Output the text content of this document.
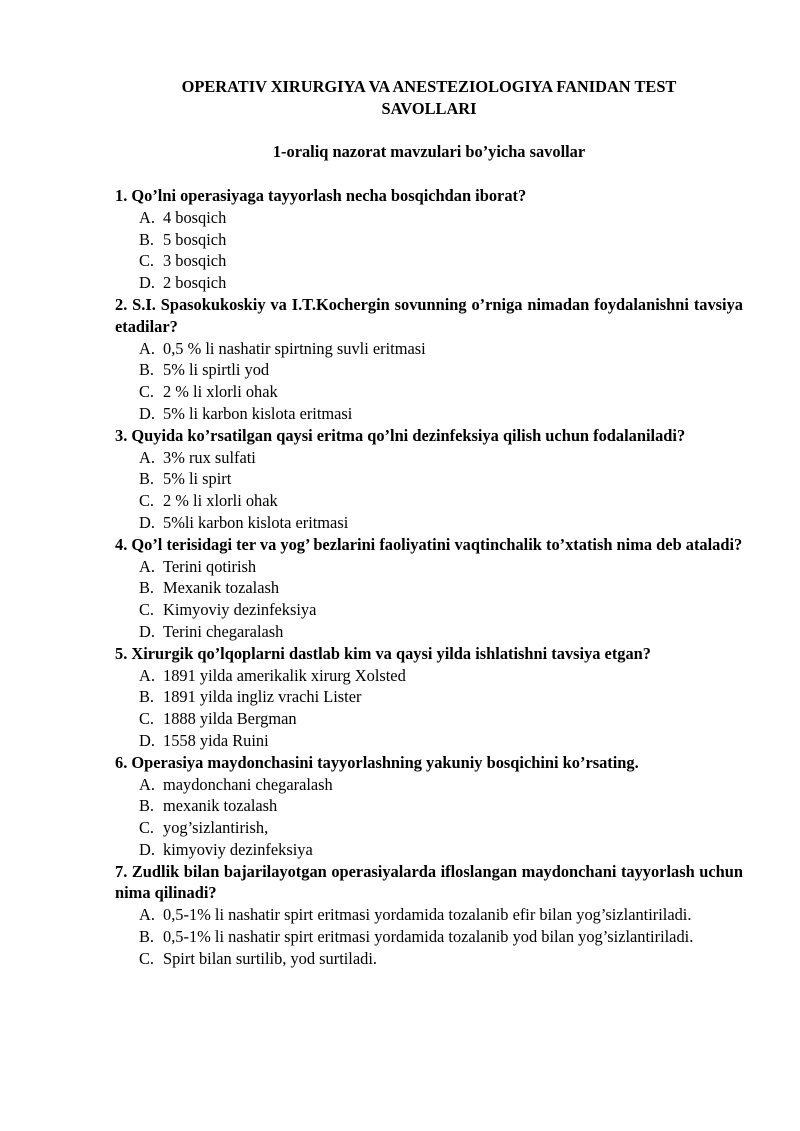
OPERATIV XIRURGIYA VA ANESTEZIOLOGIYA FANIDAN TEST SAVOLLARI

1-oraliq nazorat mavzulari bo’yicha savollar

1. Qo’lni operasiyaga tayyorlash necha bosqichdan iborat?

A. 4 bosqich
B. 5 bosqich
C. 3 bosqich
D. 2 bosqich

2. S.I. Spasokukoskiy va I.T.Kochergin sovunning o’rniga nimadan foydalanishni tavsiya etadilar?

A. 0,5 % li nashatir spirtning suvli eritmasi
B. 5% li spirtli yod
C. 2 % li xlorli ohak
D. 5% li karbon kislota eritmasi

3. Quyida ko’rsatilgan qaysi eritma qo’lni dezinfeksiya qilish uchun fodalaniladi?

A. 3% rux sulfati
B. 5% li spirt
C. 2 % li xlorli ohak
D. 5%li karbon kislota eritmasi

4. Qo’l terisidagi ter va yog’ bezlarini faoliyatini vaqtinchalik to’xtatish nima deb ataladi?

A. Terini qotirish
B. Mexanik tozalash
C. Kimyoviy dezinfeksiya
D. Terini chegaralash

5. Xirurgik qo’lqoplarni dastlab kim va qaysi yilda ishlatishni tavsiya etgan?

A. 1891 yilda amerikalik xirurg Xolsted
B. 1891 yilda ingliz vrachi Lister
C. 1888 yilda Bergman
D. 1558 yida Ruini

6. Operasiya maydonchasini tayyorlashning yakuniy bosqichini ko’rsating.

A. maydonchani chegaralash
B. mexanik tozalash
C. yog’sizlantirish,
D. kimyoviy dezinfeksiya

7. Zudlik bilan bajarilayotgan operasiyalarda ifloslangan maydonchani tayyorlash uchun nima qilinadi?

A. 0,5-1% li nashatir spirt eritmasi yordamida tozalanib efir bilan yog’sizlantiriladi.
B. 0,5-1% li nashatir spirt eritmasi yordamida tozalanib yod bilan yog’sizlantiriladi.
C. Spirt bilan surtilib, yod surtiladi.
